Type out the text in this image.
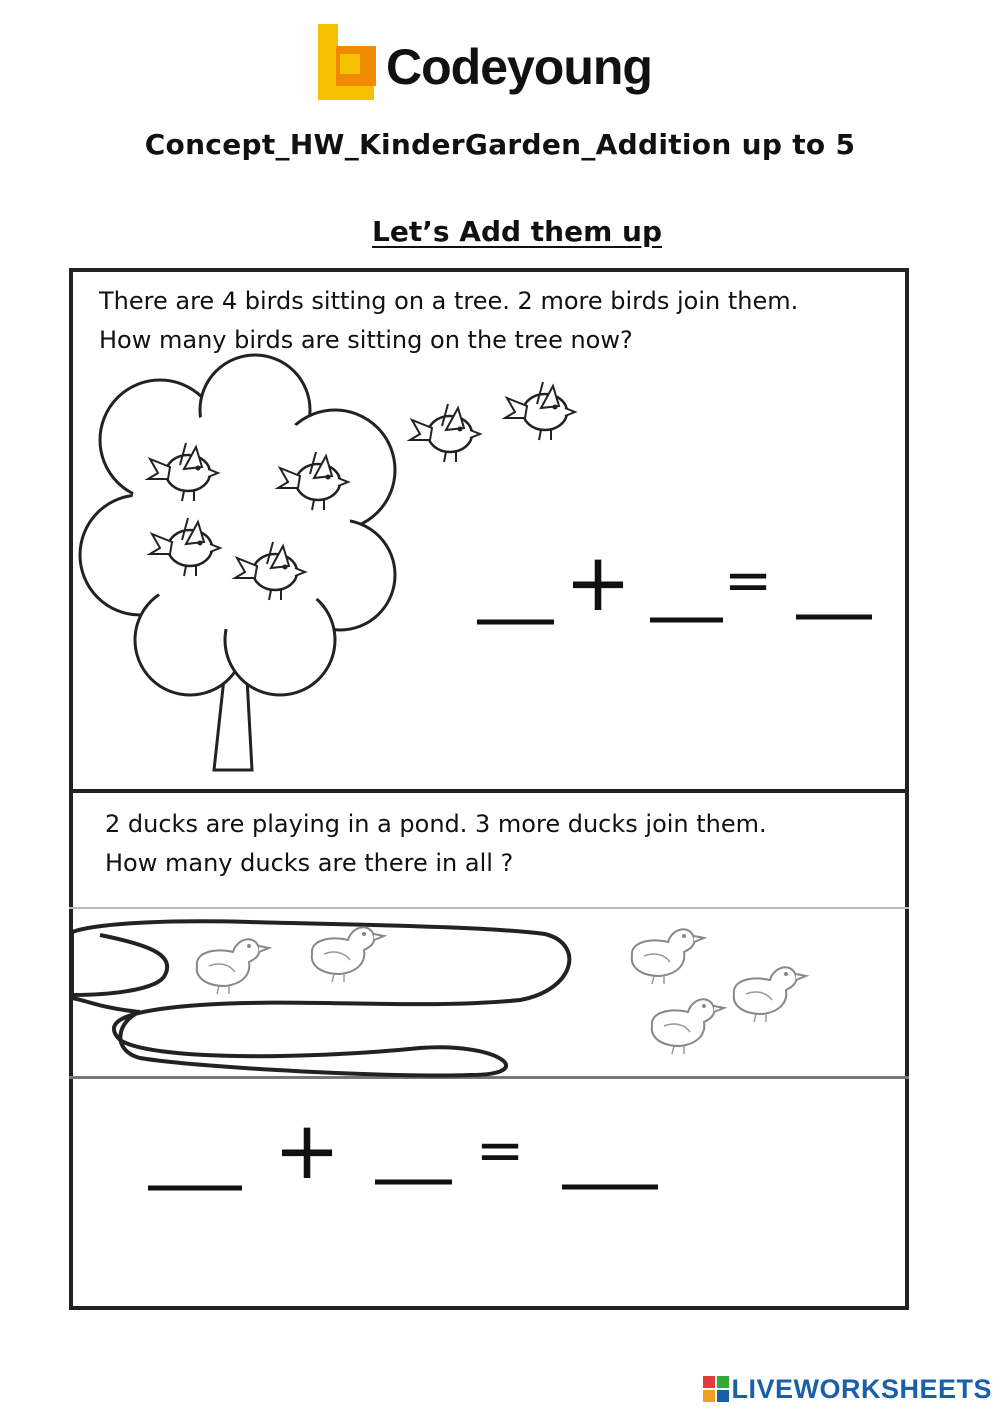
Codeyoung
Concept_HW_KinderGarden_Addition up to 5
Let’s Add them up
There are 4 birds sitting on a tree. 2 more birds join them.
How many birds are sitting on the tree now?
+ =
2 ducks are playing in a pond. 3 more ducks join them.
How many ducks are there in all ?
+ =
LIVEWORKSHEETS
